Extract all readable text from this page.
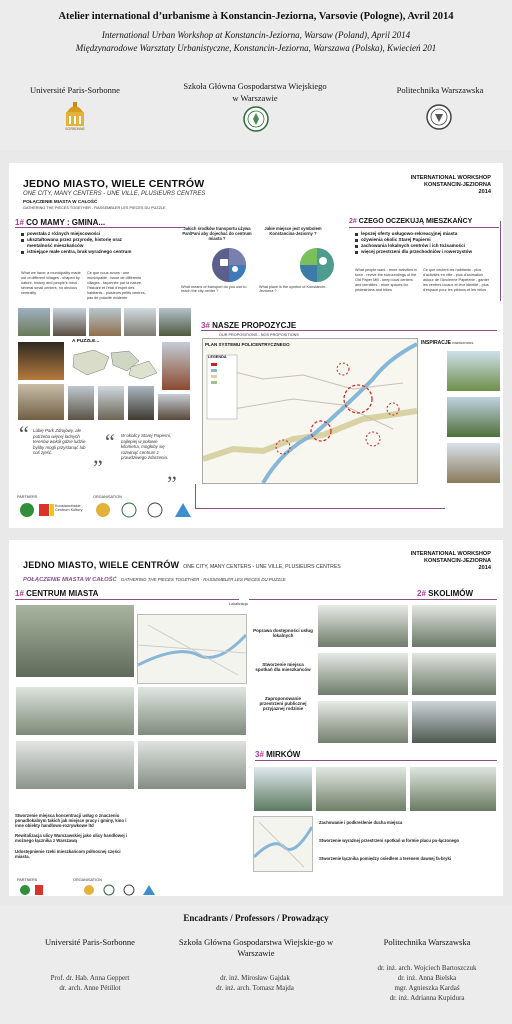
Atelier international d’urbanisme à Konstancin-Jeziorna, Varsovie (Pologne), Avril 2014
International Urban Workshop at Konstancin-Jeziorna, Warsaw (Poland), April 2014
Międzynarodowe Warsztaty Urbanistyczne, Konstancin-Jeziorna, Warszawa (Polska), Kwiecień 201
Université Paris-Sorbonne	Szkoła Główna Gospodarstwa Wiejskiego w Warszawie
Politechnika Warszawska
SORBONNE
JEDNO MIASTO, WIELE CENTRÓW
ONE CITY, MANY CENTERS - UNE VILLE, PLUSIEURS CENTRES
POŁĄCZENIE MIASTA W CAŁOŚĆ
GATHERING THE PIECES TOGETHER - RASSEMBLER LES PIECES DU PUZZLE
INTERNATIONAL WORKSHOP
KONSTANCIN-JEZIORNA
2014
1# CO MAMY : GMINA...
powstała z różnych miejscowości
ukształtowana przez przyrodę, historię oraz mentalność mieszkańców
istniejące małe centra, brak wyraźnego centrum
What we have: a municipality made out of different villages - shaped by nature, history and people's mind - several small centers, no obvious centrality
Ce que nous avons : une municipalité - issue de différents villages - façonnée par la nature, l'histoire et l'état d'esprit des habitants - plusieurs petits centres, pas de polarité évidente
Jakich środków transportu używa Pan/Pani aby dojechać do centrum miasta ?
Jakie miejsce jest symbolem Konstancina-Jeziorny ?
What means of transport do you use to reach the city center ?
What place is the symbol of Konstancin-Jeziorna ?
2# CZEGO OCZEKUJĄ MIESZKAŃCY
lepszej oferty usługowo-rekreacyjnej miasta
ożywienia okolic Starej Papierni
zachowania lokalnych centrów i ich tożsamości
więcej przestrzeni dla przechodniów i rowerzystów
What people want - more activities in town - revive the surroundings of the Old Paper Mill - keep local centers and identities - more spaces for pedestrians and bikes
Ce que veulent les habitants - plus d'activités en ville - plus d'animation autour de l'Ancienne Papeterie - garder les centres locaux et leur identité - plus d'espace pour les piétons et les vélos
A PUZZLE...
“ Lubię Park Zdrojowy, ale potrzeba więcej ładnych terenów wokół gdzie ludzie byliby mogli przystanąć lub coś zjeść.
”
“ W okolicy Starej Papierni, najlepiej w połowie kilometra, mogłoby się rozwinąć centrum z prawdziwego zdarzenia.
”
3# NASZE PROPOZYCJE
OUR PROPOSITIONS - NOS PROPOSITIONS
PLAN SYSTEMU POLICENTRYCZNEGO
LEGENDA
INSPIRACJE INSPIRATIONS
PARTNERS	ORGANISATION
Konstancińskie Centrum Kultury
JEDNO MIASTO, WIELE CENTRÓW ONE CITY, MANY CENTERS - UNE VILLE, PLUSIEURS CENTRES
POŁĄCZENIE MIASTA W CAŁOŚĆ GATHERING THE PIECES TOGETHER - RASSEMBLER LES PIECES DU PUZZLE
INTERNATIONAL WORKSHOP
KONSTANCIN-JEZIORNA
2014
1# CENTRUM MIASTA
Lokalizacja
Stworzenie miejsca koncentracji usług o znaczeniu ponadlokalnym takich jak miejsce pracy i gminy, kino i inne obiekty handlowo-rozrywkowe ltd
Rewitalizacja ulicy Warszawskiej jako ulicy handlowej i możnego łącznika z Warszawą
Udostępnienie rzeki mieszkańcom północnej części miasta.
2# SKOLIMÓW
Poprawa dostępności usług lokalnych
Stworzenie miejsca spotkań dla mieszkańców
Zaproponowanie przestrzeni publicznej przyjaznej rodzinie
3# MIRKÓW
Zachowanie i podkreślenie ducha miejsca
Stworzenie wyraźnej przestrzeni spotkań w formie placu po-łączonego
Stworzenie łącznika pomiędzy osiedlem a terenem dawnej fa-bryki
PARTNERS	ORGANISATION
Encadrants / Professors / Prowadzący
Université Paris-Sorbonne
Prof. dr. Hab. Anna Geppert
dr. arch. Anne Pétillot
Szkoła Główna Gospodarstwa Wiejskie-go w Warszawie
dr. inż. Mirosław Gajdak
dr. inż. arch. Tomasz Majda
Politechnika Warszawska
dr. inż. arch. Wojciech Bartoszczuk
dr. inż. Anna Bielska
mgr. Agnieszka Kardaś
dr. inż. Adrianna Kupidura
